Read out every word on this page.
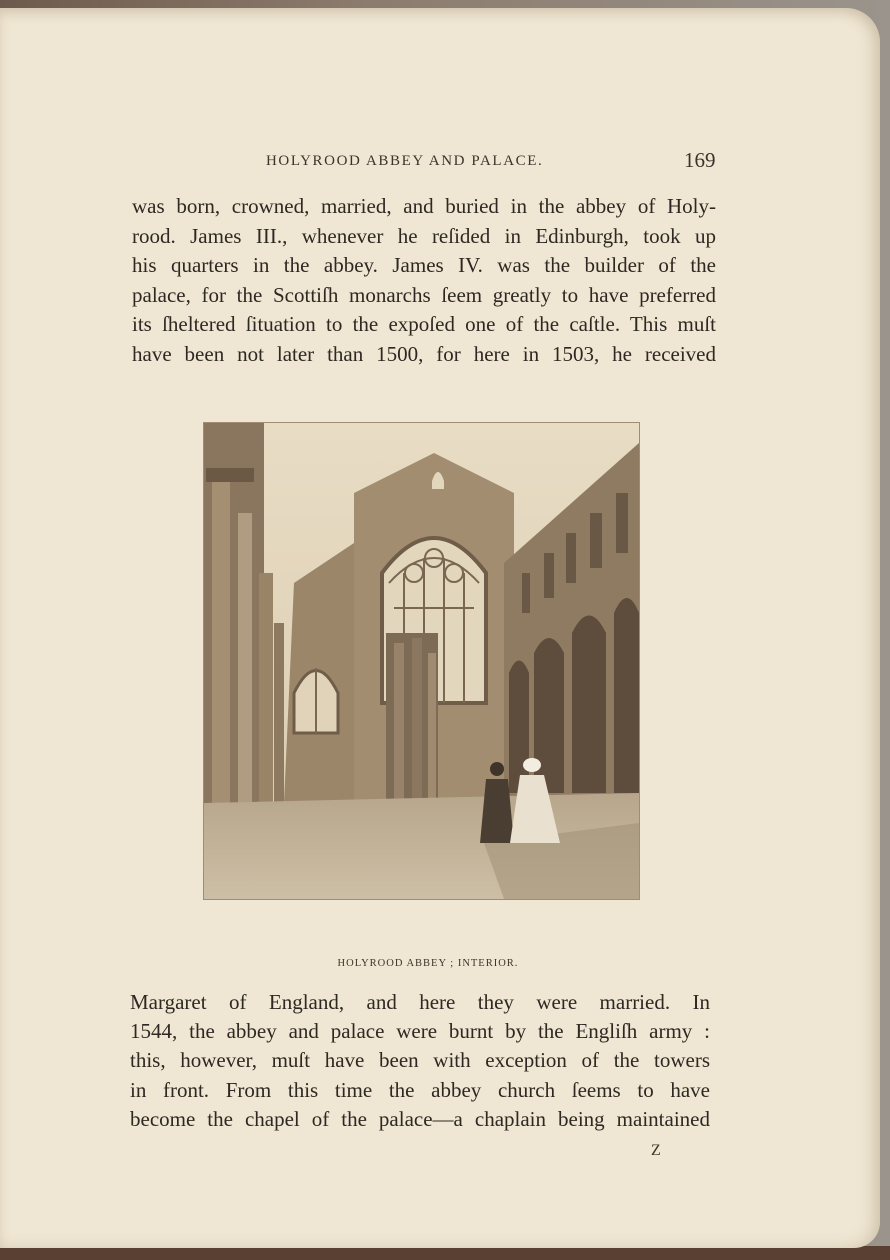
HOLYROOD ABBEY AND PALACE.	169
was born, crowned, married, and buried in the abbey of Holy-
rood. James III., whenever he reſided in Edinburgh, took up
his quarters in the abbey. James IV. was the builder of the
palace, for the Scottiſh monarchs ſeem greatly to have preferred
its ſheltered ſituation to the expoſed one of the caſtle. This muſt
have been not later than 1500, for here in 1503, he received
HOLYROOD ABBEY ; INTERIOR.
Margaret of England, and here they were married. In
1544, the abbey and palace were burnt by the Engliſh army :
this, however, muſt have been with exception of the towers
in front. From this time the abbey church ſeems to have
become the chapel of the palace—a chaplain being maintained
Z
